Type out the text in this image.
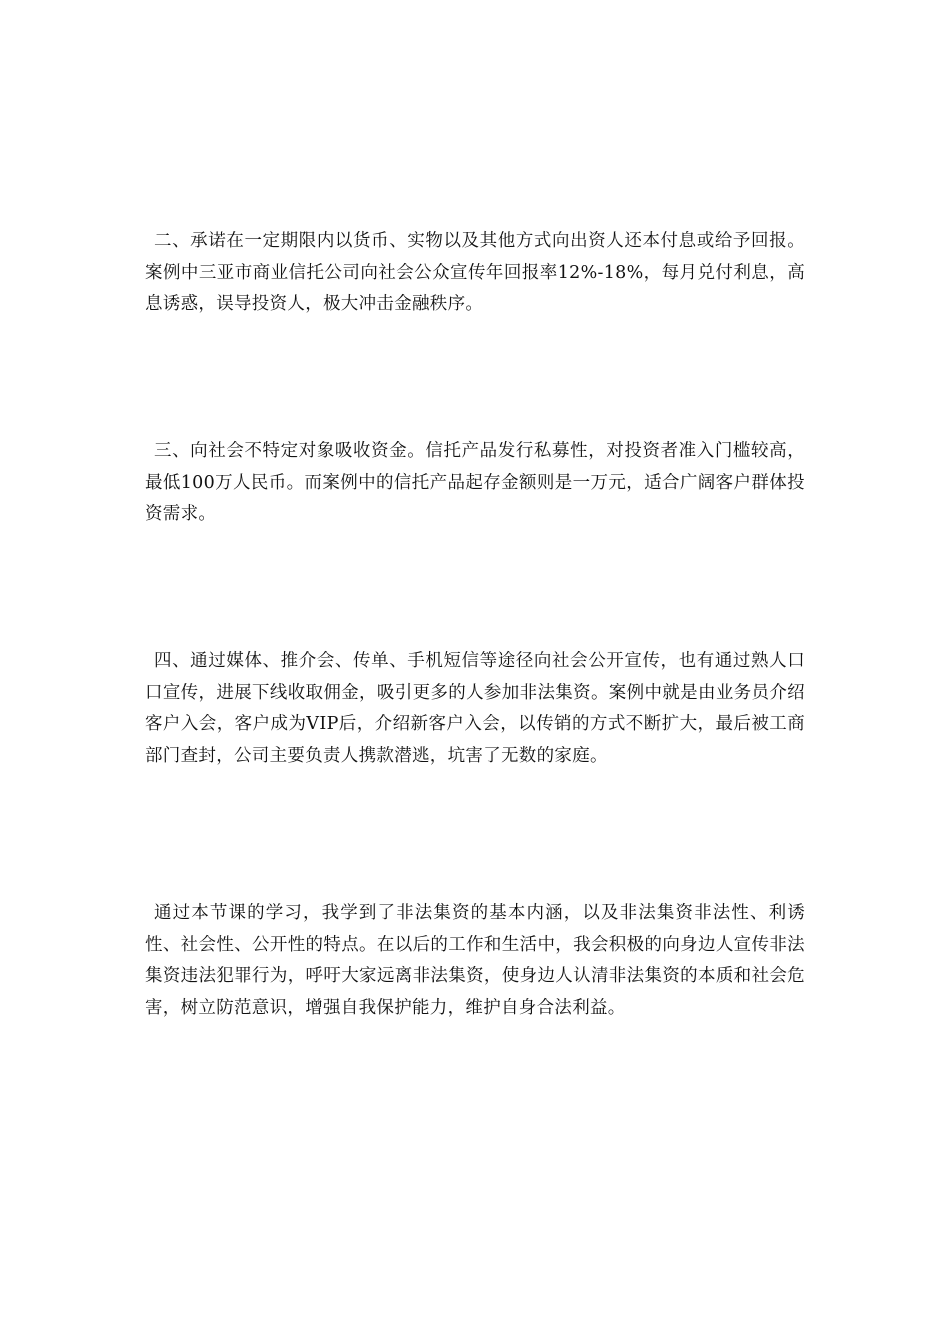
二、承诺在一定期限内以货币、实物以及其他方式向出资人还本付息或给予回报。案例中三亚市商业信托公司向社会公众宣传年回报率12%-18%，每月兑付利息，高息诱惑，误导投资人，极大冲击金融秩序。

三、向社会不特定对象吸收资金。信托产品发行私募性，对投资者准入门槛较高，最低100万人民币。而案例中的信托产品起存金额则是一万元，适合广阔客户群体投资需求。

四、通过媒体、推介会、传单、手机短信等途径向社会公开宣传，也有通过熟人口口宣传，进展下线收取佣金，吸引更多的人参加非法集资。案例中就是由业务员介绍客户入会，客户成为VIP后，介绍新客户入会，以传销的方式不断扩大，最后被工商部门查封，公司主要负责人携款潜逃，坑害了无数的家庭。

通过本节课的学习，我学到了非法集资的基本内涵，以及非法集资非法性、利诱性、社会性、公开性的特点。在以后的工作和生活中，我会积极的向身边人宣传非法集资违法犯罪行为，呼吁大家远离非法集资，使身边人认清非法集资的本质和社会危害，树立防范意识，增强自我保护能力，维护自身合法利益。
